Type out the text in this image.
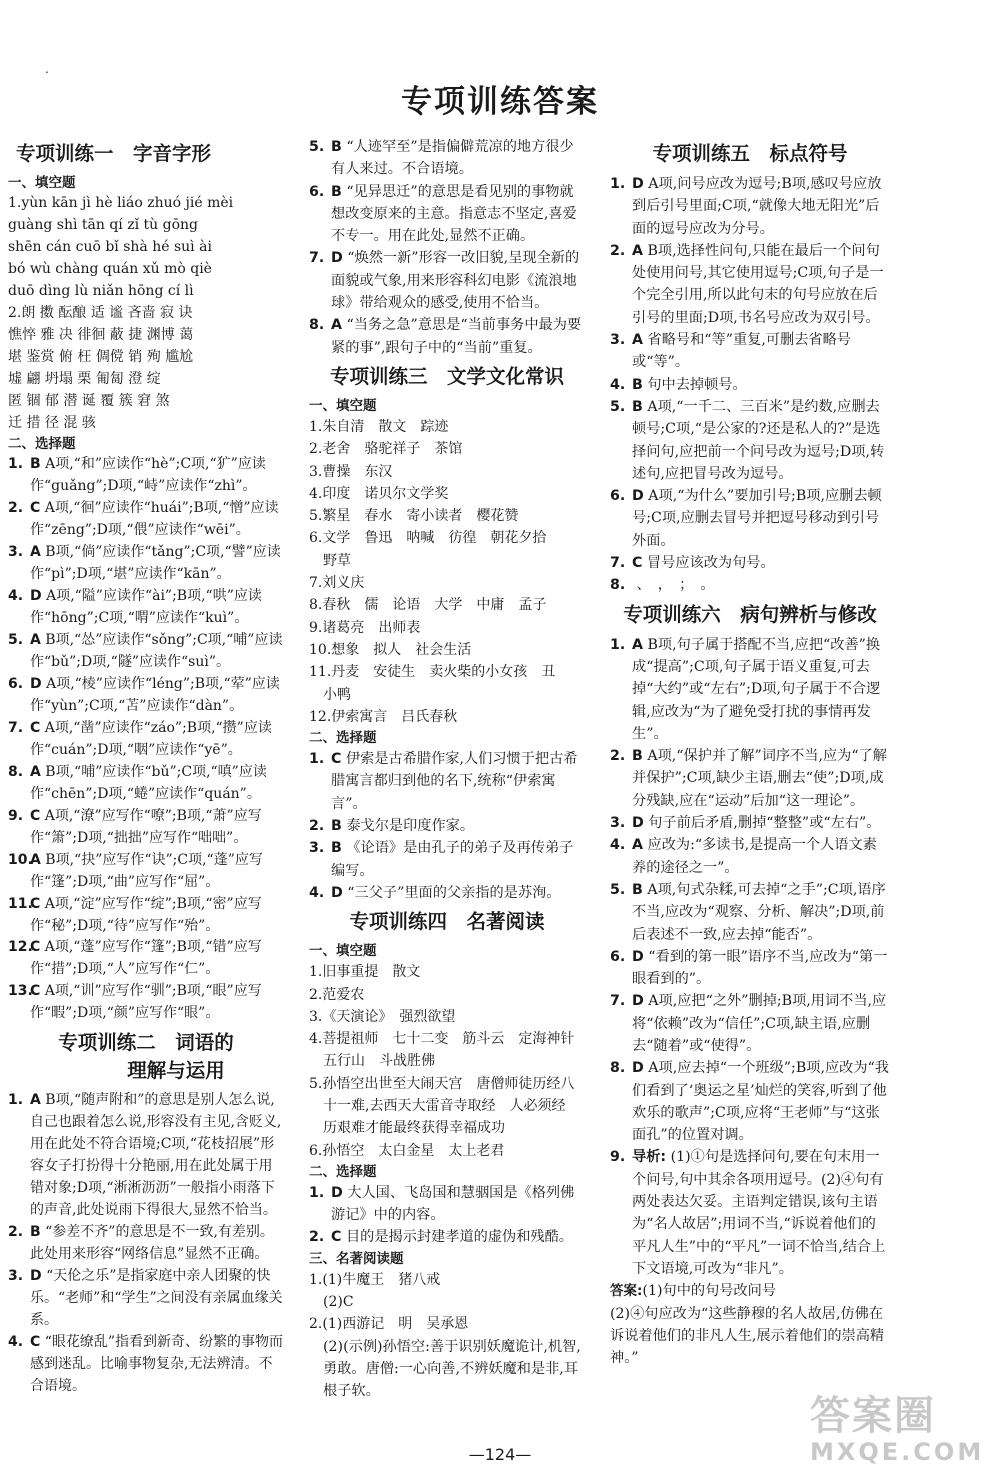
.
专项训练答案
专项训练一　字音字形
一、填空题
1.yùn kān jì hè liáo zhuó jié mèi
guàng shì tān qí zǐ tù gōng
shēn cán cuō bǐ shà hé suì ài
bó wù chàng quán xǔ mò qiè
duō dìng lù niǎn hōng cí lì
2.朗 擞 酝酿 适 谧 吝啬 寂 诀
憔悴 雅 决 徘徊 蔽 捷 渊博 蔼
堪 鉴赏 俯 枉 倜傥 销 殉 尴尬
墟 翩 坍塌 栗 匍匐 澄 绽
匿 锢 郁 潜 诞 覆 簇 窘 煞
迁 措 径 混 骇
二、选择题
1. B A项,“和”应读作“hè”;C项,“犷”应读作“guǎng”;D项,“峙”应读作“zhì”。
2. C A项,“徊”应读作“huái”;B项,“憎”应读作“zēng”;D项,“偎”应读作“wēi”。
3. A B项,“倘”应读作“tǎng”;C项,“譬”应读作“pì”;D项,“堪”应读作“kān”。
4. D A项,“隘”应读作“ài”;B项,“哄”应读作“hōng”;C项,“喟”应读作“kuì”。
5. A B项,“怂”应读作“sǒng”;C项,“哺”应读作“bǔ”;D项,“隧”应读作“suì”。
6. D A项,“棱”应读作“léng”;B项,“荤”应读作“yùn”;C项,“苫”应读作“dàn”。
7. C A项,“凿”应读作“záo”;B项,“攒”应读作“cuán”;D项,“咽”应读作“yē”。
8. A B项,“哺”应读作“bǔ”;C项,“嗔”应读作“chēn”;D项,“蜷”应读作“quán”。
9. C A项,“潦”应写作“嘹”;B项,“萧”应写作“箫”;D项,“拙拙”应写作“咄咄”。
10.
A B项,“抉”应写作“诀”;C项,“蓬”应写作“篷”;D项,“曲”应写作“屈”。
11.
C A项,“淀”应写作“绽”;B项,“密”应写作“秘”;D项,“待”应写作“殆”。
12.
C A项,“蓬”应写作“篷”;B项,“错”应写作“措”;D项,“人”应写作“仁”。
13.
C A项,“训”应写作“驯”;B项,“眼”应写作“暇”;D项,“颜”应写作“眼”。
专项训练二　词语的
理解与运用
1. A B项,“随声附和”的意思是别人怎么说,自己也跟着怎么说,形容没有主见,含贬义,用在此处不符合语境;C项,“花枝招展”形容女子打扮得十分艳丽,用在此处属于用错对象;D项,“淅淅沥沥”一般指小雨落下的声音,此处说雨下得很大,显然不恰当。
2. B “参差不齐”的意思是不一致,有差别。此处用来形容“网络信息”显然不正确。
3. D “天伦之乐”是指家庭中亲人团聚的快乐。“老师”和“学生”之间没有亲属血缘关系。
4. C “眼花缭乱”指看到新奇、纷繁的事物而感到迷乱。比喻事物复杂,无法辨清。不合语境。
5. B “人迹罕至”是指偏僻荒凉的地方很少有人来过。不合语境。
6. B “见异思迁”的意思是看见别的事物就想改变原来的主意。指意志不坚定,喜爱不专一。用在此处,显然不正确。
7. D “焕然一新”形容一改旧貌,呈现全新的面貌或气象,用来形容科幻电影《流浪地球》带给观众的感受,使用不恰当。
8. A “当务之急”意思是“当前事务中最为要紧的事”,跟句子中的“当前”重复。
专项训练三　文学文化常识
一、填空题
1.朱自清　散文　踪迹
2.老舍　骆驼祥子　茶馆
3.曹操　东汉
4.印度　诺贝尔文学奖
5.繁星　春水　寄小读者　樱花赞
6.文学　鲁迅　呐喊　彷徨　朝花夕拾
　野草
7.刘义庆
8.春秋　儒　论语　大学　中庸　孟子
9.诸葛亮　出师表
10.想象　拟人　社会生活
11.丹麦　安徒生　卖火柴的小女孩　丑
　小鸭
12.伊索寓言　吕氏春秋
二、选择题
1. C 伊索是古希腊作家,人们习惯于把古希腊寓言都归到他的名下,统称“伊索寓言”。
2. B 泰戈尔是印度作家。
3. B 《论语》是由孔子的弟子及再传弟子编写。
4. D “三父子”里面的父亲指的是苏洵。
专项训练四　名著阅读
一、填空题
1.旧事重提　散文
2.范爱农
3.《天演论》　强烈欲望
4.菩提祖师　七十二变　筋斗云　定海神针
　五行山　斗战胜佛
5.孙悟空出世至大闹天宫　唐僧师徒历经八
　十一难,去西天大雷音寺取经　人必须经
　历艰难才能最终获得幸福成功
6.孙悟空　太白金星　太上老君
二、选择题
1. D 大人国、飞岛国和慧骃国是《格列佛游记》中的内容。
2. C 目的是揭示封建孝道的虚伪和残酷。
三、名著阅读题
1.(1)牛魔王　猪八戒
　(2)C
2.(1)西游记　明　吴承恩
(2)(示例)孙悟空:善于识别妖魔诡计,机智,勇敢。唐僧:一心向善,不辨妖魔和是非,耳根子软。
专项训练五　标点符号
1. D A项,问号应改为逗号;B项,感叹号应放到后引号里面;C项,“就像大地无阳光”后面的逗号应改为分号。
2. A B项,选择性问句,只能在最后一个问句处使用问号,其它使用逗号;C项,句子是一个完全引用,所以此句末的句号应放在后引号的里面;D项,书名号应改为双引号。
3. A 省略号和“等”重复,可删去省略号或“等”。
4. B 句中去掉顿号。
5. B A项,“一千二、三百米”是约数,应删去顿号;C项,“是公家的?还是私人的?”是选择问句,应把前一个问号改为逗号;D项,转述句,应把冒号改为逗号。
6. D A项,“为什么”要加引号;B项,应删去顿号;C项,应删去冒号并把逗号移动到引号外面。
7. C 冒号应该改为句号。
8. 、　，　；　。
专项训练六　病句辨析与修改
1. A B项,句子属于搭配不当,应把“改善”换成“提高”;C项,句子属于语义重复,可去掉“大约”或“左右”;D项,句子属于不合逻辑,应改为“为了避免受打扰的事情再发生”。
2. B A项,“保护并了解”词序不当,应为“了解并保护”;C项,缺少主语,删去“使”;D项,成分残缺,应在“运动”后加“这一理论”。
3. D 句子前后矛盾,删掉“整整”或“左右”。
4. A 应改为:“多读书,是提高一个人语文素养的途径之一”。
5. B A项,句式杂糅,可去掉“之手”;C项,语序不当,应改为“观察、分析、解决”;D项,前后表述不一致,应去掉“能否”。
6. D “看到的第一眼”语序不当,应改为“第一眼看到的”。
7. D A项,应把“之外”删掉;B项,用词不当,应将“依赖”改为“信任”;C项,缺主语,应删去“随着”或“使得”。
8. D A项,应去掉“一个班级”;B项,应改为“我们看到了‘奥运之星’灿烂的笑容,听到了他欢乐的歌声”;C项,应将“王老师”与“这张面孔”的位置对调。
9. 导析: (1)①句是选择问句,要在句末用一个问号,句中其余各项用逗号。(2)④句有两处表达欠妥。主语判定错误,该句主语为“名人故居”;用词不当,“诉说着他们的平凡人生”中的“平凡”一词不恰当,结合上下文语境,可改为“非凡”。
答案:(1)句中的句号改问号
(2)④句应改为“这些静穆的名人故居,仿佛在诉说着他们的非凡人生,展示着他们的崇高精神。”
—124—
答案圈
MXQE.COM
